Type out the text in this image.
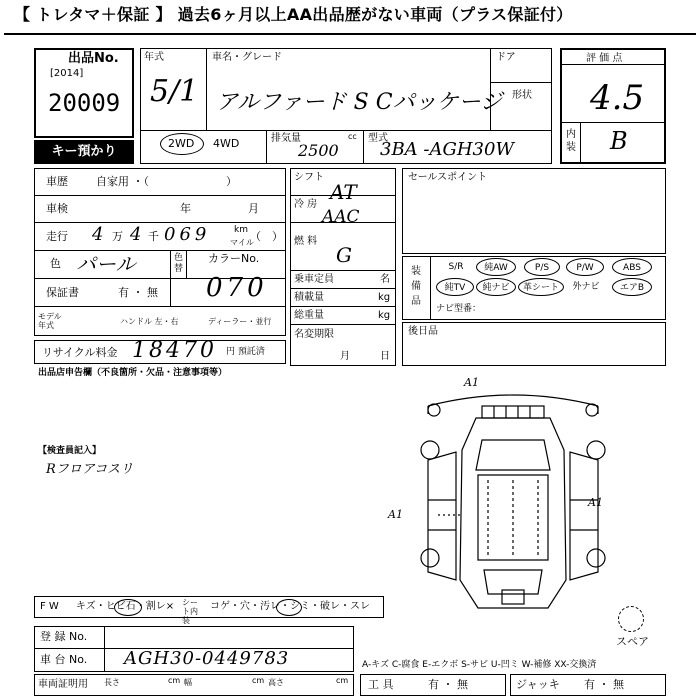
【 トレタマ＋保証 】 過去6ヶ月以上AA出品歴がない車両（プラス保証付）
出品No.
[2014]
20009
キー預かり
年式
5/1
車名・グレード
アルファード S Cパッケージ
ドア
形状
2WD 4WD	排気量	cc
2500
型式
3BA -AGH30W
評 価 点
4.5
内装 B
車歴	自家用 ・（　　　　　　　）
車検	年	月
走行 4 万 4 千 069	km
マイル
（　）
色 パール	色替
カラーNo.
070
保証書	有 ・ 無
モデル 年式	ハンドル 左・右	ディーラー・並行
リサイクル料金 18470 円 預託済
シフト
AT
冷 房
AAC
燃 料
G
乗車定員	名
積載量	kg
総重量	kg
名変期限
月	日
セールスポイント
装備品
S/R	純AW	P/S	P/W	ABS
純TV	純ナビ	革シート	外ナビ	エアB
ナビ型番：
後日品
出品店申告欄（不良箇所・欠品・注意事項等）
【検査員記入】
Rフロアコスリ
A1
A1
A1
スペア
F W キズ・ヒビ石・割レ× シート内装
コゲ・穴・汚レ・シミ・破レ・スレ
登 録 No.
車 台 No. AGH30-0449783	A-キズ C-腐食 E-エクボ S-サビ U-凹ミ W-補修 XX-交換済
車両証明用 長さ	cm 幅	cm 高さ	cm 工 具	有 ・ 無	ジャッキ 有 ・ 無
